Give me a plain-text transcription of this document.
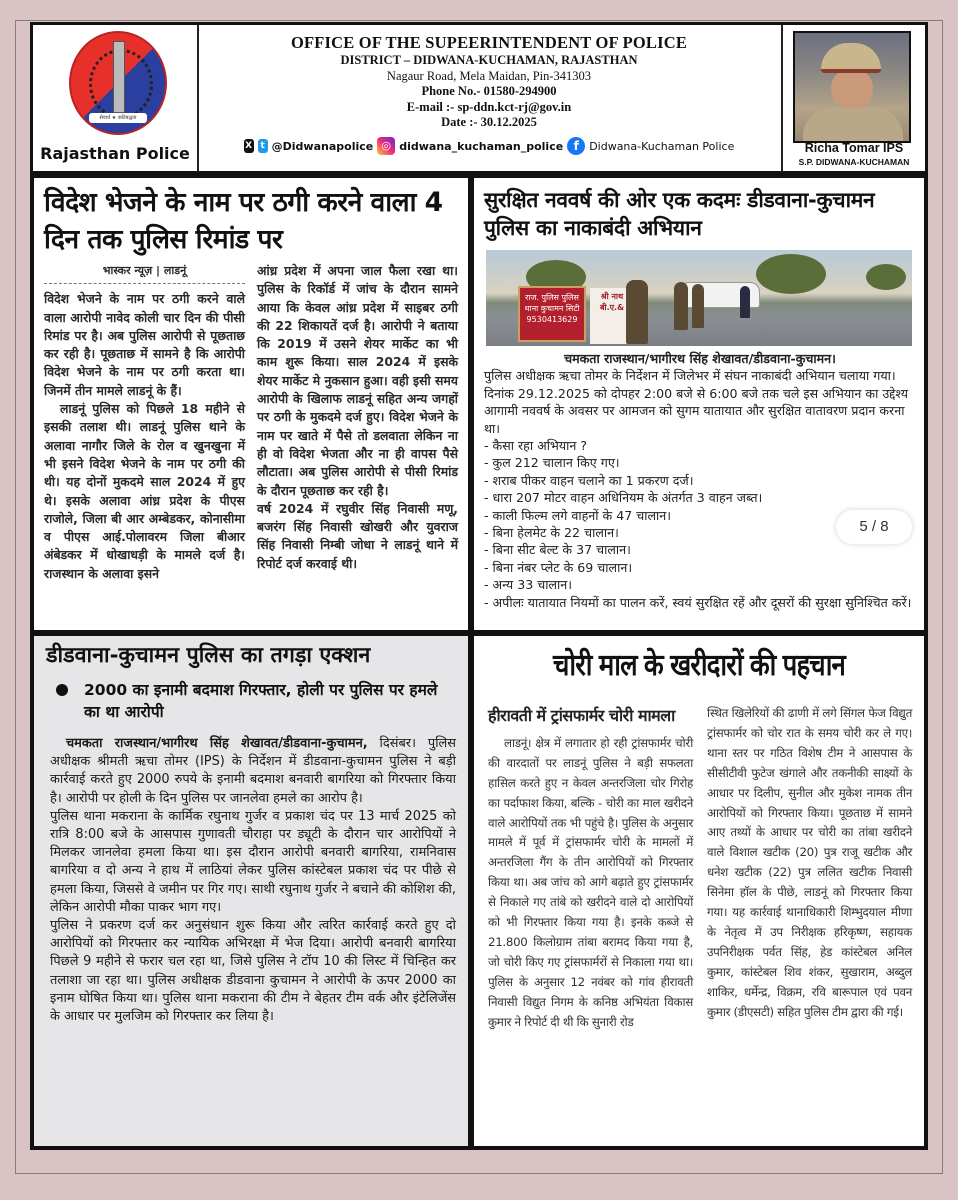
सेवार्थ ★ कटिबद्धता
Rajasthan Police
OFFICE OF THE SUPEERINTENDENT OF POLICE
DISTRICT – DIDWANA-KUCHAMAN, RAJASTHAN
Nagaur Road, Mela Maidan, Pin-341303
Phone No.- 01580-294900
E-mail :- sp-ddn.kct-rj@gov.in
Date :- 30.12.2025
X t @Didwanapolice ◎ didwana_kuchaman_police f Didwana-Kuchaman Police	Richa Tomar IPS
S.P. DIDWANA-KUCHAMAN
विदेश भेजने के नाम पर ठगी करने वाला 4 दिन तक पुलिस रिमांड पर
भास्कर न्यूज़ | लाडनूं

विदेश भेजने के नाम पर ठगी करने वाले वाला आरोपी नावेद कोली चार दिन की पीसी रिमांड पर है। अब पुलिस आरोपी से पूछताछ कर रही है। पूछताछ में सामने है कि आरोपी विदेश भेजने के नाम पर ठगी करता था। जिनमें तीन मामले लाडनूं के हैं।

लाडनूं पुलिस को पिछले 18 महीने से इसकी तलाश थी। लाडनूं पुलिस थाने के अलावा नागौर जिले के रोल व खुनखुना में भी इसने विदेश भेजने के नाम पर ठगी की थी। यह दोनों मुकदमे साल 2024 में हुए थे। इसके अलावा आंध्र प्रदेश के पीएस राजोले, जिला बी आर अम्बेडकर, कोनासीमा व पीएस आई.पोलावरम जिला बीआर अंबेडकर में धोखाधड़ी के मामले दर्ज है। राजस्थान के अलावा इसने

आंध्र प्रदेश में अपना जाल फैला रखा था। पुलिस के रिकॉर्ड में जांच के दौरान सामने आया कि केवल आंध्र प्रदेश में साइबर ठगी की 22 शिकायतें दर्ज है। आरोपी ने बताया कि 2019 में उसने शेयर मार्केट का भी काम शुरू किया। साल 2024 में इसके शेयर मार्केट मे नुकसान हुआ। वही इसी समय आरोपी के खिलाफ लाडनूं सहित अन्य जगहों पर ठगी के मुकदमे दर्ज हुए। विदेश भेजने के नाम पर खाते में पैसे तो डलवाता लेकिन ना ही वो विदेश भेजता और ना ही वापस पैसे लौटाता। अब पुलिस आरोपी से पीसी रिमांड के दौरान पूछताछ कर रही है।

वर्ष 2024 में रघुवीर सिंह निवासी मणू, बजरंग सिंह निवासी खोखरी और युवराज सिंह निवासी निम्बी जोधा ने लाडनूं थाने में रिपोर्ट दर्ज करवाई थी।

सुरक्षित नववर्ष की ओर एक कदमः डीडवाना-कुचामन पुलिस का नाकाबंदी अभियान
राज. पुलिस पुलिस थाना कुचामन सिटी 9530413629
श्री नाथ बी.ए.&

चमकता राजस्थान/भागीरथ सिंह शेखावत/डीडवाना-कुचामन।

पुलिस अधीक्षक ऋचा तोमर के निर्देशन में जिलेभर में संघन नाकाबंदी अभियान चलाया गया। दिनांक 29.12.2025 को दोपहर 2:00 बजे से 6:00 बजे तक चले इस अभियान का उद्देश्य आगामी नववर्ष के अवसर पर आमजन को सुगम यातायात और सुरक्षित वातावरण प्रदान करना था।

- कैसा रहा अभियान ?
- कुल 212 चालान किए गए।
- शराब पीकर वाहन चलाने का 1 प्रकरण दर्ज।
- धारा 207 मोटर वाहन अधिनियम के अंतर्गत 3 वाहन जब्त।
- काली फिल्म लगे वाहनों के 47 चालान।
- बिना हेलमेट के 22 चालान।
- बिना सीट बेल्ट के 37 चालान।
- बिना नंबर प्लेट के 69 चालान।
- अन्य 33 चालान।
- अपीलः यातायात नियमों का पालन करें, स्वयं सुरक्षित रहें और दूसरों की सुरक्षा सुनिश्चित करें।
5 / 8
डीडवाना-कुचामन पुलिस का तगड़ा एक्शन
2000 का इनामी बदमाश गिरफ्तार, होली पर पुलिस पर हमले का था आरोपी

चमकता राजस्थान/भागीरथ सिंह शेखावत/डीडवाना-कुचामन, दिसंबर। पुलिस अधीक्षक श्रीमती ऋचा तोमर (IPS) के निर्देशन में डीडवाना-कुचामन पुलिस ने बड़ी कार्रवाई करते हुए 2000 रुपये के इनामी बदमाश बनवारी बागरिया को गिरफ्तार किया है। आरोपी पर होली के दिन पुलिस पर जानलेवा हमले का आरोप है।

पुलिस थाना मकराना के कार्मिक रघुनाथ गुर्जर व प्रकाश चंद पर 13 मार्च 2025 को रात्रि 8:00 बजे के आसपास गुणावती चौराहा पर ड्यूटी के दौरान चार आरोपियों ने मिलकर जानलेवा हमला किया था। इस दौरान आरोपी बनवारी बागरिया, रामनिवास बागरिया व दो अन्य ने हाथ में लाठियां लेकर पुलिस कांस्टेबल प्रकाश चंद पर पीछे से हमला किया, जिससे वे जमीन पर गिर गए। साथी रघुनाथ गुर्जर ने बचाने की कोशिश की, लेकिन आरोपी मौका पाकर भाग गए।

पुलिस ने प्रकरण दर्ज कर अनुसंधान शुरू किया और त्वरित कार्रवाई करते हुए दो आरोपियों को गिरफ्तार कर न्यायिक अभिरक्षा में भेज दिया। आरोपी बनवारी बागरिया पिछले 9 महीने से फरार चल रहा था, जिसे पुलिस ने टॉप 10 की लिस्ट में चिन्हित कर तलाशा जा रहा था। पुलिस अधीक्षक डीडवाना कुचामन ने आरोपी के ऊपर 2000 का इनाम घोषित किया था। पुलिस थाना मकराना की टीम ने बेहतर टीम वर्क और इंटेलिजेंस के आधार पर मुलजिम को गिरफ्तार कर लिया है।

चोरी माल के खरीदारों की पहचान
हीरावती में ट्रांसफार्मर चोरी मामला

लाडनूं। क्षेत्र में लगातार हो रही ट्रांसफार्मर चोरी की वारदातों पर लाडनूं पुलिस ने बड़ी सफलता हासिल करते हुए न केवल अन्तरजिला चोर गिरोह का पर्दाफाश किया, बल्कि - चोरी का माल खरीदने वाले आरोपियों तक भी पहुंचे है। पुलिस के अनुसार मामले में पूर्व में ट्रांसफार्मर चोरी के मामलों में अन्तरजिला गैंग के तीन आरोपियों को गिरफ्तार किया था। अब जांच को आगे बढ़ाते हुए ट्रांसफार्मर से निकाले गए तांबे को खरीदने वाले दो आरोपियों को भी गिरफ्तार किया गया है। इनके कब्जे से 21.800 किलोग्राम तांबा बरामद किया गया है, जो चोरी किए गए ट्रांसफार्मरों से निकाला गया था। पुलिस के अनुसार 12 नवंबर को गांव हीरावती निवासी विद्युत निगम के कनिष्ठ अभियंता विकास कुमार ने रिपोर्ट दी थी कि सुनारी रोड

स्थित खिलेरियों की ढाणी में लगे सिंगल फेज विद्युत ट्रांसफार्मर को चोर रात के समय चोरी कर ले गए। थाना स्तर पर गठित विशेष टीम ने आसपास के सीसीटीवी फुटेज खंगाले और तकनीकी साक्ष्यों के आधार पर दिलीप, सुनील और मुकेश नामक तीन आरोपियों को गिरफ्तार किया। पूछताछ में सामने आए तथ्यों के आधार पर चोरी का तांबा खरीदने वाले विशाल खटीक (20) पुत्र राजू खटीक और धनेश खटीक (22) पुत्र ललित खटीक निवासी सिनेमा हॉल के पीछे, लाडनूं को गिरफ्तार किया गया। यह कार्रवाई थानाधिकारी शिम्भुदयाल मीणा के नेतृत्व में उप निरीक्षक हरिकृष्ण, सहायक उपनिरीक्षक पर्वत सिंह, हेड कांस्टेबल अनिल कुमार, कांस्टेबल शिव शंकर, सुखाराम, अब्दुल शाकिर, धर्मेन्द्र, विक्रम, रवि बारूपाल एवं पवन कुमार (डीएसटी) सहित पुलिस टीम द्वारा की गई।
